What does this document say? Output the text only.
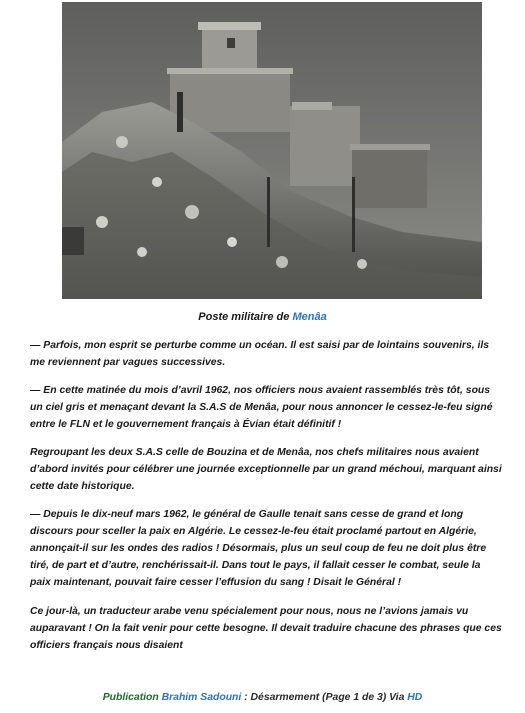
Poste militaire de Menâa
— Parfois, mon esprit se perturbe comme un océan. Il est saisi par de lointains souvenirs, ils me reviennent par vagues successives.
— En cette matinée du mois d’avril 1962, nos officiers nous avaient rassemblés très tôt, sous un ciel gris et menaçant devant la S.A.S de Menâa, pour nous annoncer le cessez-le-feu signé entre le FLN et le gouvernement français à Évian était définitif !
Regroupant les deux S.A.S celle de Bouzina et de Menâa, nos chefs militaires nous avaient d’abord invités pour célébrer une journée exceptionnelle par un grand méchoui, marquant ainsi cette date historique.
— Depuis le dix-neuf mars 1962, le général de Gaulle tenait sans cesse de grand et long discours pour sceller la paix en Algérie. Le cessez-le-feu était proclamé partout en Algérie, annonçait-il sur les ondes des radios ! Désormais, plus un seul coup de feu ne doit plus être tiré, de part et d’autre, renchérissait-il. Dans tout le pays, il fallait cesser le combat, seule la paix maintenant, pouvait faire cesser l’effusion du sang ! Disait le Général !
Ce jour-là, un traducteur arabe venu spécialement pour nous, nous ne l’avions jamais vu auparavant ! On la fait venir pour cette besogne. Il devait traduire chacune des phrases que ces officiers français nous disaient
Publication Brahim Sadouni : Désarmement (Page 1 de 3) Via HD
